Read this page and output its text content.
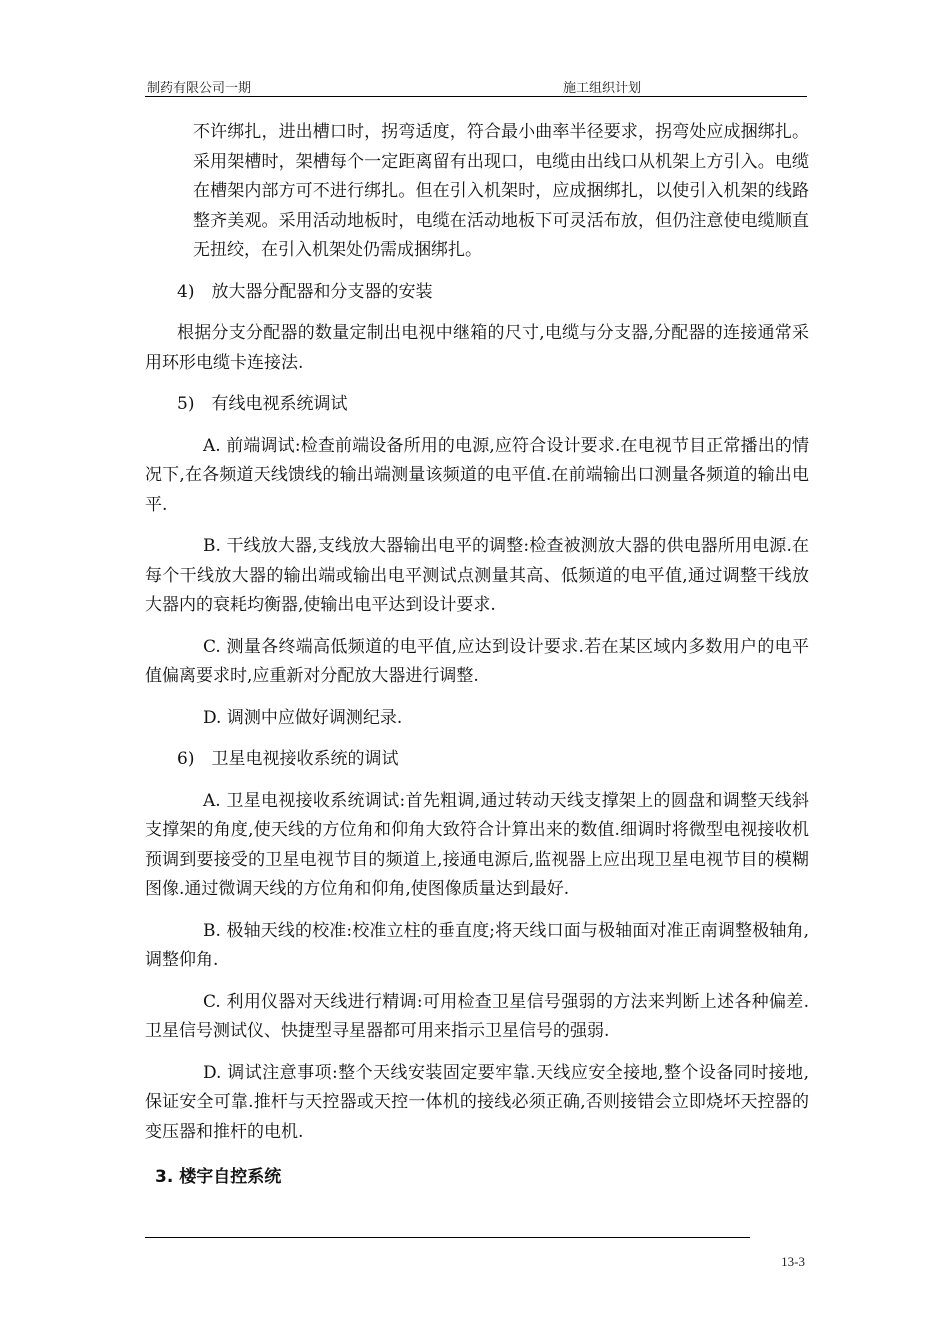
制药有限公司一期	施工组织计划

不许绑扎，进出槽口时，拐弯适度，符合最小曲率半径要求，拐弯处应成捆绑扎。采用架槽时，架槽每个一定距离留有出现口，电缆由出线口从机架上方引入。电缆在槽架内部方可不进行绑扎。但在引入机架时，应成捆绑扎，以使引入机架的线路整齐美观。采用活动地板时，电缆在活动地板下可灵活布放，但仍注意使电缆顺直无扭绞，在引入机架处仍需成捆绑扎。

4)　放大器分配器和分支器的安装

根据分支分配器的数量定制出电视中继箱的尺寸,电缆与分支器,分配器的连接通常采用环形电缆卡连接法.

5)　有线电视系统调试

A. 前端调试:检查前端设备所用的电源,应符合设计要求.在电视节目正常播出的情况下,在各频道天线馈线的输出端测量该频道的电平值.在前端输出口测量各频道的输出电平.

B. 干线放大器,支线放大器输出电平的调整:检查被测放大器的供电器所用电源.在每个干线放大器的输出端或输出电平测试点测量其高、低频道的电平值,通过调整干线放大器内的衰耗均衡器,使输出电平达到设计要求.

C. 测量各终端高低频道的电平值,应达到设计要求.若在某区域内多数用户的电平值偏离要求时,应重新对分配放大器进行调整.

D. 调测中应做好调测纪录.

6)　卫星电视接收系统的调试

A. 卫星电视接收系统调试:首先粗调,通过转动天线支撑架上的圆盘和调整天线斜支撑架的角度,使天线的方位角和仰角大致符合计算出来的数值.细调时将微型电视接收机预调到要接受的卫星电视节目的频道上,接通电源后,监视器上应出现卫星电视节目的模糊图像.通过微调天线的方位角和仰角,使图像质量达到最好.

B. 极轴天线的校准:校准立柱的垂直度;将天线口面与极轴面对准正南调整极轴角,调整仰角.

C. 利用仪器对天线进行精调:可用检查卫星信号强弱的方法来判断上述各种偏差.卫星信号测试仪、快捷型寻星器都可用来指示卫星信号的强弱.

D. 调试注意事项:整个天线安装固定要牢靠.天线应安全接地,整个设备同时接地,保证安全可靠.推杆与天控器或天控一体机的接线必须正确,否则接错会立即烧坏天控器的变压器和推杆的电机.

3. 楼宇自控系统

13-3
